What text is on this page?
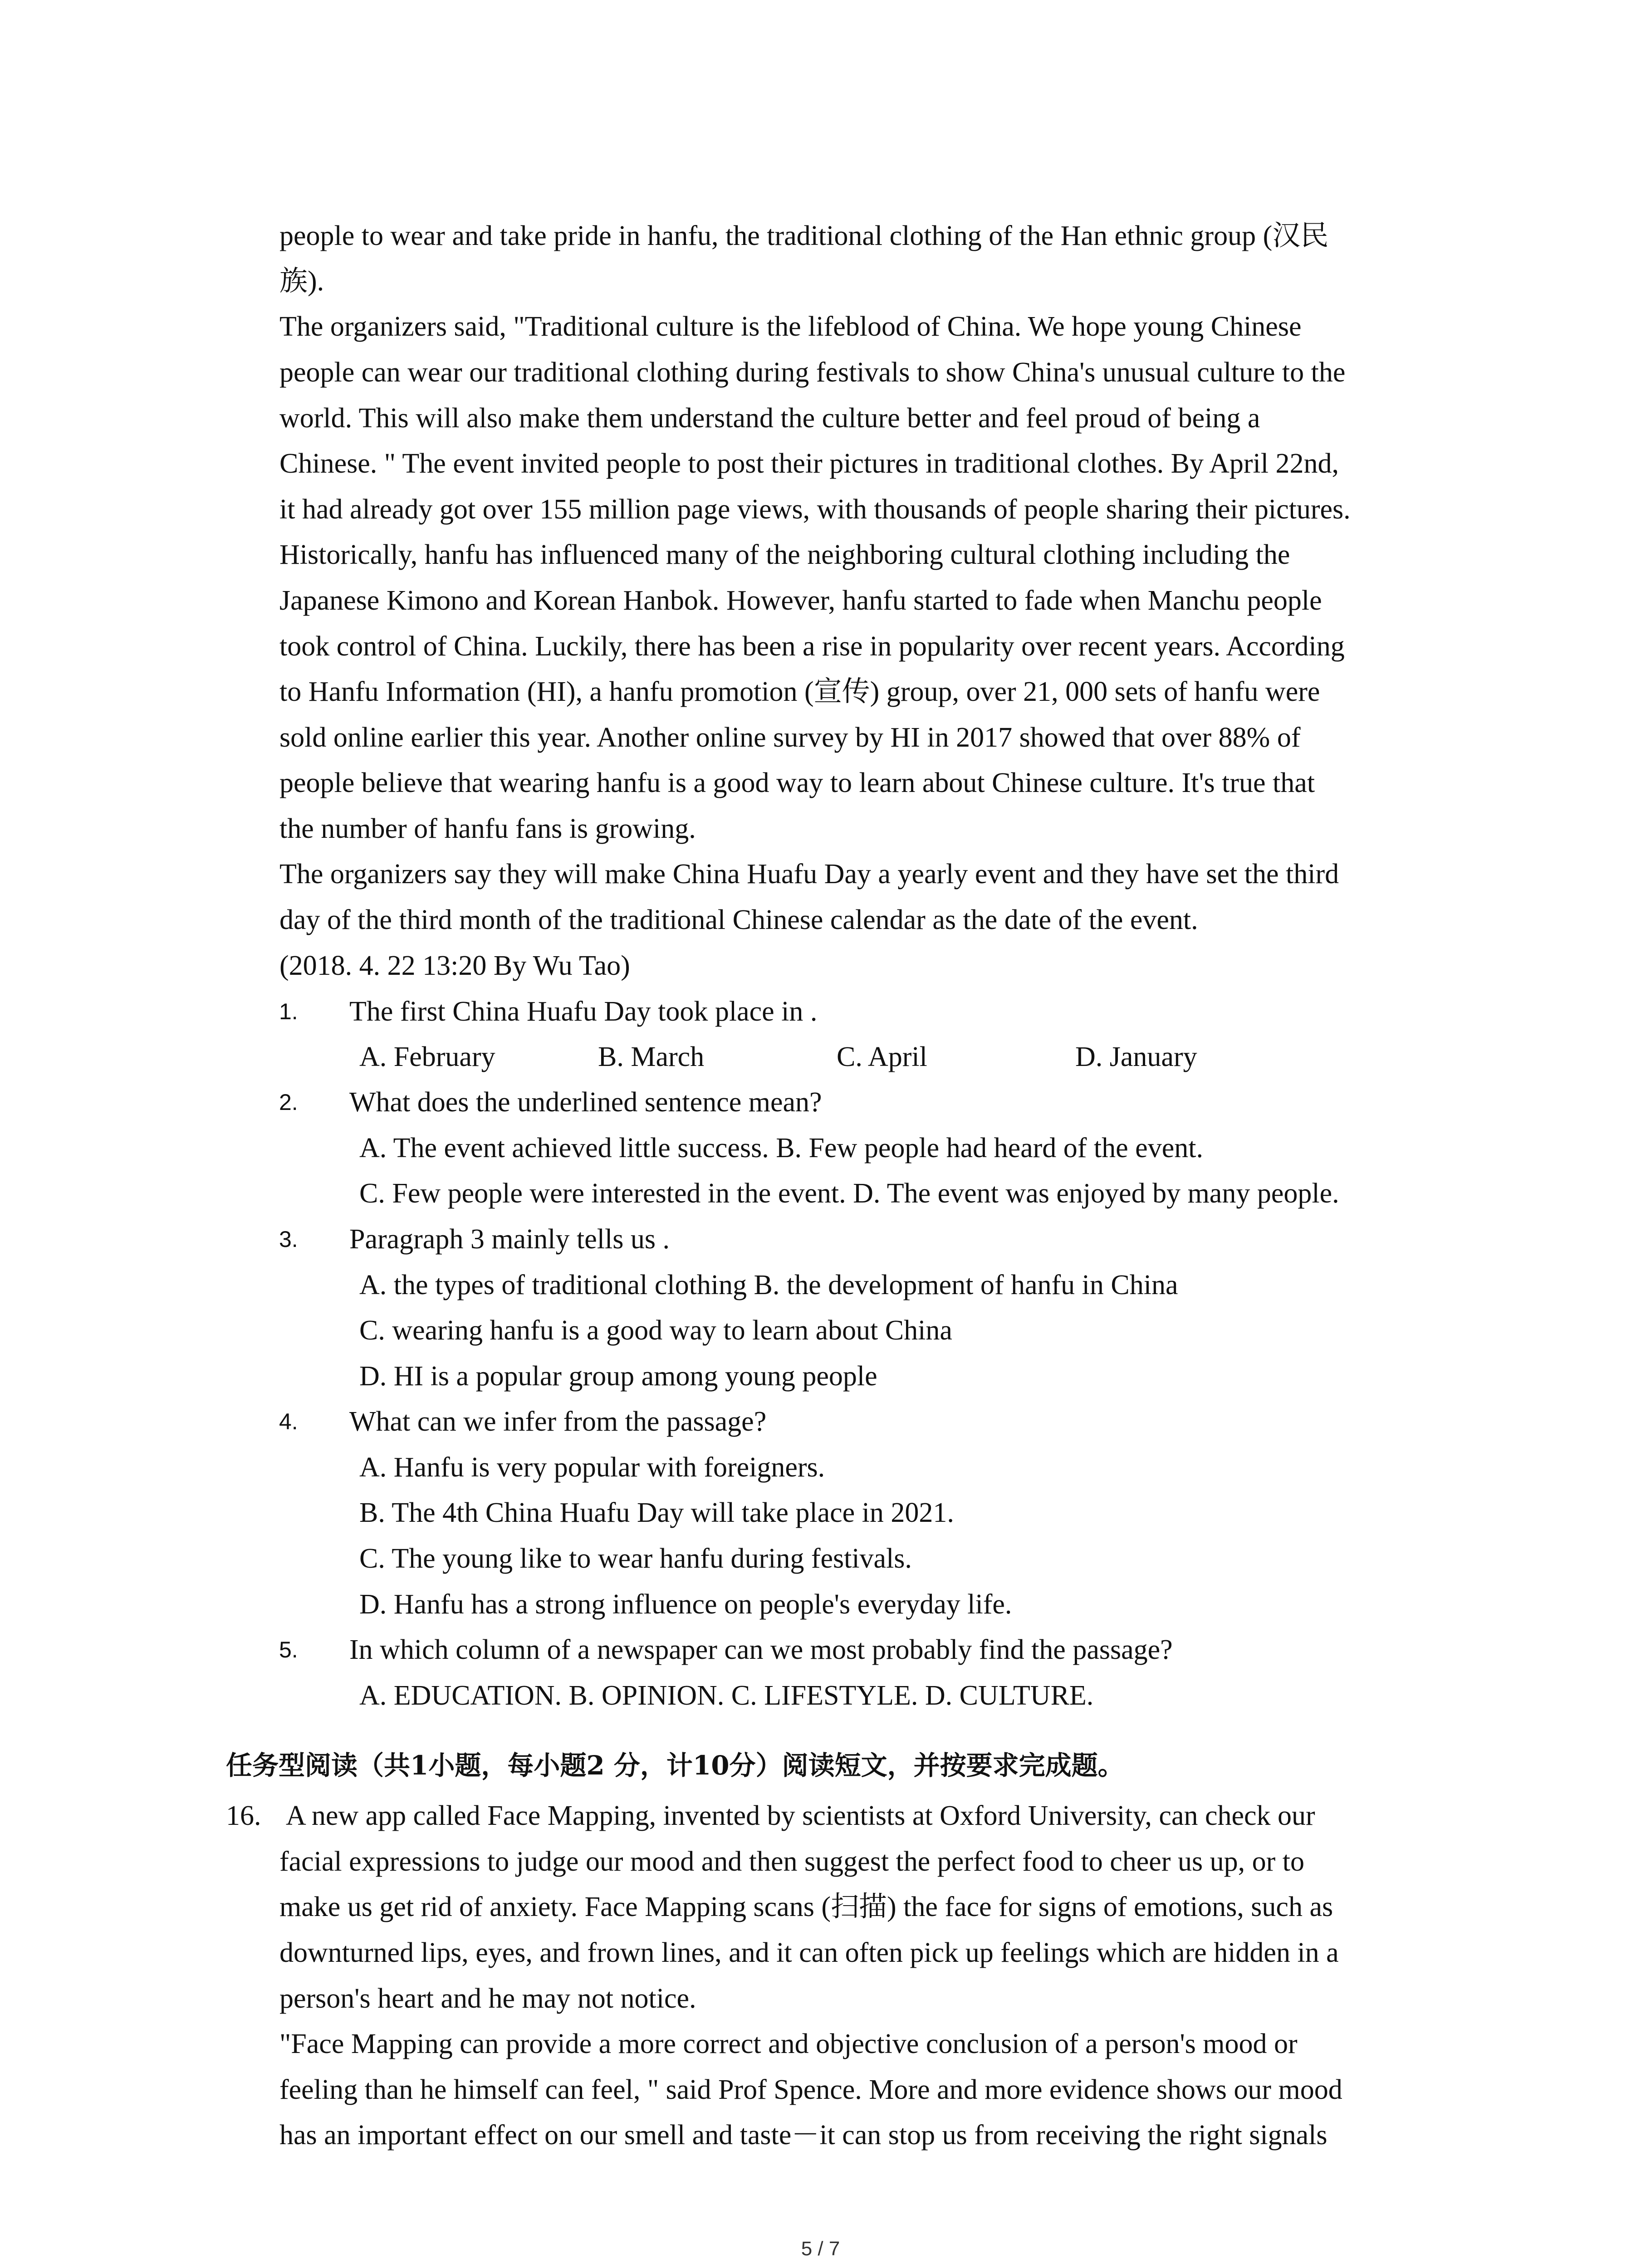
people to wear and take pride in hanfu, the traditional clothing of the Han ethnic group (汉民
族).
The organizers said, "Traditional culture is the lifeblood of China. We hope young Chinese
people can wear our traditional clothing during festivals to show China's unusual culture to the
world. This will also make them understand the culture better and feel proud of being a
Chinese. " The event invited people to post their pictures in traditional clothes. By April 22nd,
it had already got over 155 million page views, with thousands of people sharing their pictures.
Historically, hanfu has influenced many of the neighboring cultural clothing including the
Japanese Kimono and Korean Hanbok. However, hanfu started to fade when Manchu people
took control of China. Luckily, there has been a rise in popularity over recent years. According
to Hanfu Information (HI), a hanfu promotion (宣传) group, over 21, 000 sets of hanfu were
sold online earlier this year. Another online survey by HI in 2017 showed that over 88% of
people believe that wearing hanfu is a good way to learn about Chinese culture. It's true that
the number of hanfu fans is growing.
The organizers say they will make China Huafu Day a yearly event and they have set the third
day of the third month of the traditional Chinese calendar as the date of the event.
(2018. 4. 22 13:20 By Wu Tao)
1. The first China Huafu Day took place in .
A. February	B. March	C. April	D. January
2. What does the underlined sentence mean?
A. The event achieved little success. B. Few people had heard of the event.
C. Few people were interested in the event. D. The event was enjoyed by many people.
3. Paragraph 3 mainly tells us .
A. the types of traditional clothing B. the development of hanfu in China
C. wearing hanfu is a good way to learn about China
D. HI is a popular group among young people
4. What can we infer from the passage?
A. Hanfu is very popular with foreigners.
B. The 4th China Huafu Day will take place in 2021.
C. The young like to wear hanfu during festivals.
D. Hanfu has a strong influence on people's everyday life.
5. In which column of a newspaper can we most probably find the passage?
A. EDUCATION. B. OPINION. C. LIFESTYLE. D. CULTURE.
任务型阅读（共1小题，每小题2 分，计10分）阅读短文，并按要求完成题。
16. A new app called Face Mapping, invented by scientists at Oxford University, can check our
facial expressions to judge our mood and then suggest the perfect food to cheer us up, or to
make us get rid of anxiety. Face Mapping scans (扫描) the face for signs of emotions, such as
downturned lips, eyes, and frown lines, and it can often pick up feelings which are hidden in a
person's heart and he may not notice.
"Face Mapping can provide a more correct and objective conclusion of a person's mood or
feeling than he himself can feel, " said Prof Spence. More and more evidence shows our mood
has an important effect on our smell and taste－it can stop us from receiving the right signals
5 / 7
